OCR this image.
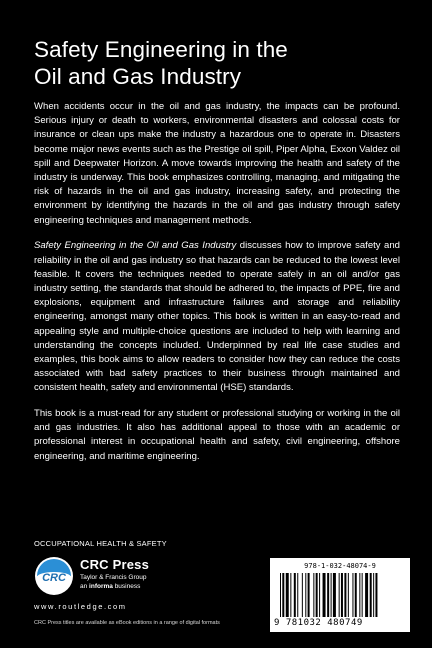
Safety Engineering in the
Oil and Gas Industry

When accidents occur in the oil and gas industry, the impacts can be profound. Serious injury or death to workers, environmental disasters and colossal costs for insurance or clean ups make the industry a hazardous one to operate in. Disasters become major news events such as the Prestige oil spill, Piper Alpha, Exxon Valdez oil spill and Deepwater Horizon. A move towards improving the health and safety of the industry is underway. This book emphasizes controlling, managing, and mitigating the risk of hazards in the oil and gas industry, increasing safety, and protecting the environment by identifying the hazards in the oil and gas industry through safety engineering techniques and management methods.

Safety Engineering in the Oil and Gas Industry discusses how to improve safety and reliability in the oil and gas industry so that hazards can be reduced to the lowest level feasible. It covers the techniques needed to operate safely in an oil and/or gas industry setting, the standards that should be adhered to, the impacts of PPE, fire and explosions, equipment and infrastructure failures and storage and reliability engineering, amongst many other topics. This book is written in an easy-to-read and appealing style and multiple-choice questions are included to help with learning and understanding the concepts included. Underpinned by real life case studies and examples, this book aims to allow readers to consider how they can reduce the costs associated with bad safety practices to their business through maintained and consistent health, safety and environmental (HSE) standards.

This book is a must-read for any student or professional studying or working in the oil and gas industries. It also has additional appeal to those with an academic or professional interest in occupational health and safety, civil engineering, offshore engineering, and maritime engineering.

OCCUPATIONAL HEALTH & SAFETY
CRC
CRC Press
Taylor & Francis Group
an informa business
www.routledge.com
CRC Press titles are available as eBook editions in a range of digital formats
978-1-032-48074-9
9 781032 480749
